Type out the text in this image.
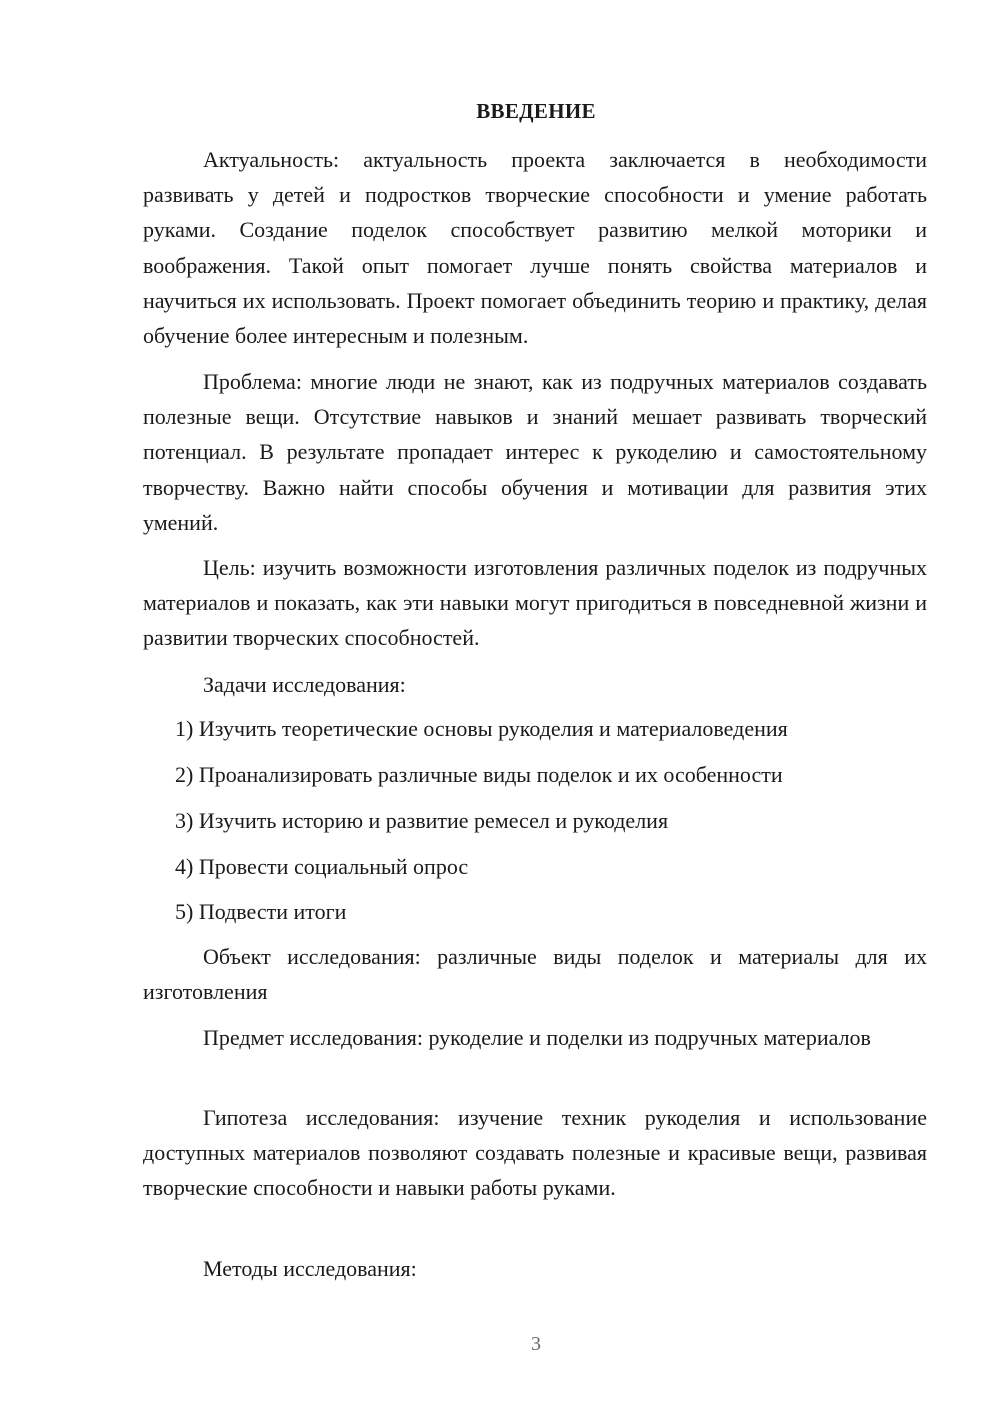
ВВЕДЕНИЕ

Актуальность: актуальность проекта заключается в необходимости развивать у детей и подростков творческие способности и умение работать руками. Создание поделок способствует развитию мелкой моторики и воображения. Такой опыт помогает лучше понять свойства материалов и научиться их использовать. Проект помогает объединить теорию и практику, делая обучение более интересным и полезным.

Проблема: многие люди не знают, как из подручных материалов создавать полезные вещи. Отсутствие навыков и знаний мешает развивать творческий потенциал. В результате пропадает интерес к рукоделию и самостоятельному творчеству. Важно найти способы обучения и мотивации для развития этих умений.

Цель: изучить возможности изготовления различных поделок из подручных материалов и показать, как эти навыки могут пригодиться в повседневной жизни и развитии творческих способностей.

Задачи исследования:

1) Изучить теоретические основы рукоделия и материаловедения

2) Проанализировать различные виды поделок и их особенности

3) Изучить историю и развитие ремесел и рукоделия

4) Провести социальный опрос

5) Подвести итоги

Объект исследования: различные виды поделок и материалы для их изготовления

Предмет исследования: рукоделие и поделки из подручных материалов

Гипотеза исследования: изучение техник рукоделия и использование доступных материалов позволяют создавать полезные и красивые вещи, развивая творческие способности и навыки работы руками.

Методы исследования:

3
